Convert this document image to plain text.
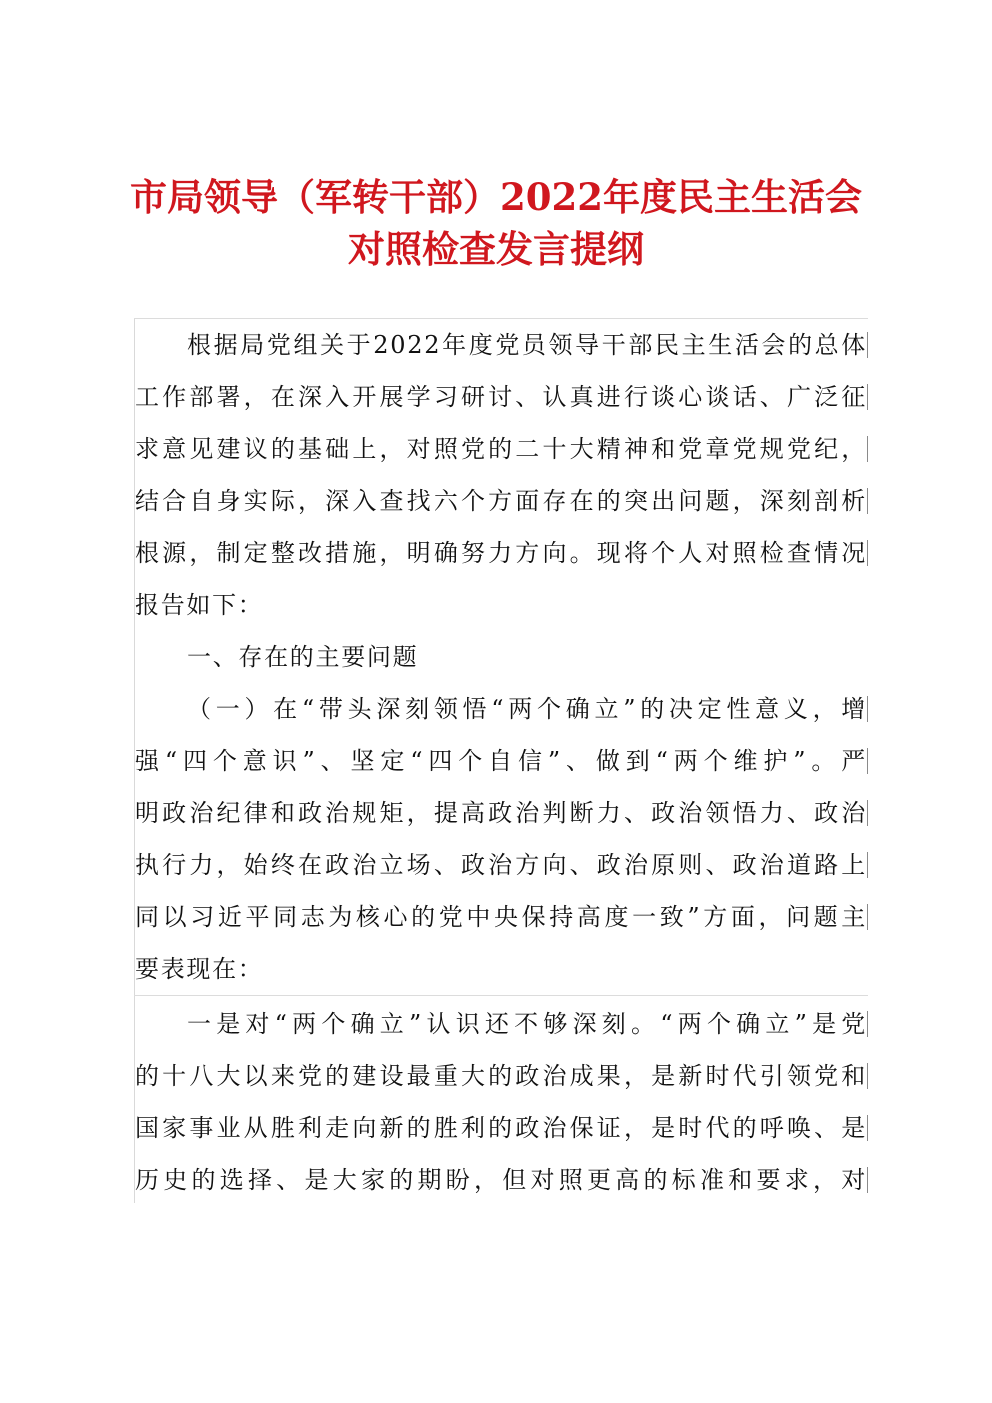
市局领导（军转干部）2022年度民主生活会
对照检查发言提纲
根据局党组关于2022年度党员领导干部民主生活会的总体
工作部署，在深入开展学习研讨、认真进行谈心谈话、广泛征
求意见建议的基础上，对照党的二十大精神和党章党规党纪，
结合自身实际，深入查找六个方面存在的突出问题，深刻剖析
根源，制定整改措施，明确努力方向。现将个人对照检查情况
报告如下：
一、存在的主要问题
（一）在“带头深刻领悟“两个确立”的决定性意义，增
强“四个意识”、坚定“四个自信”、做到“两个维护”。严
明政治纪律和政治规矩，提高政治判断力、政治领悟力、政治
执行力，始终在政治立场、政治方向、政治原则、政治道路上
同以习近平同志为核心的党中央保持高度一致”方面，问题主
要表现在：
一是对“两个确立”认识还不够深刻。“两个确立”是党
的十八大以来党的建设最重大的政治成果，是新时代引领党和
国家事业从胜利走向新的胜利的政治保证，是时代的呼唤、是
历史的选择、是大家的期盼，但对照更高的标准和要求，对
